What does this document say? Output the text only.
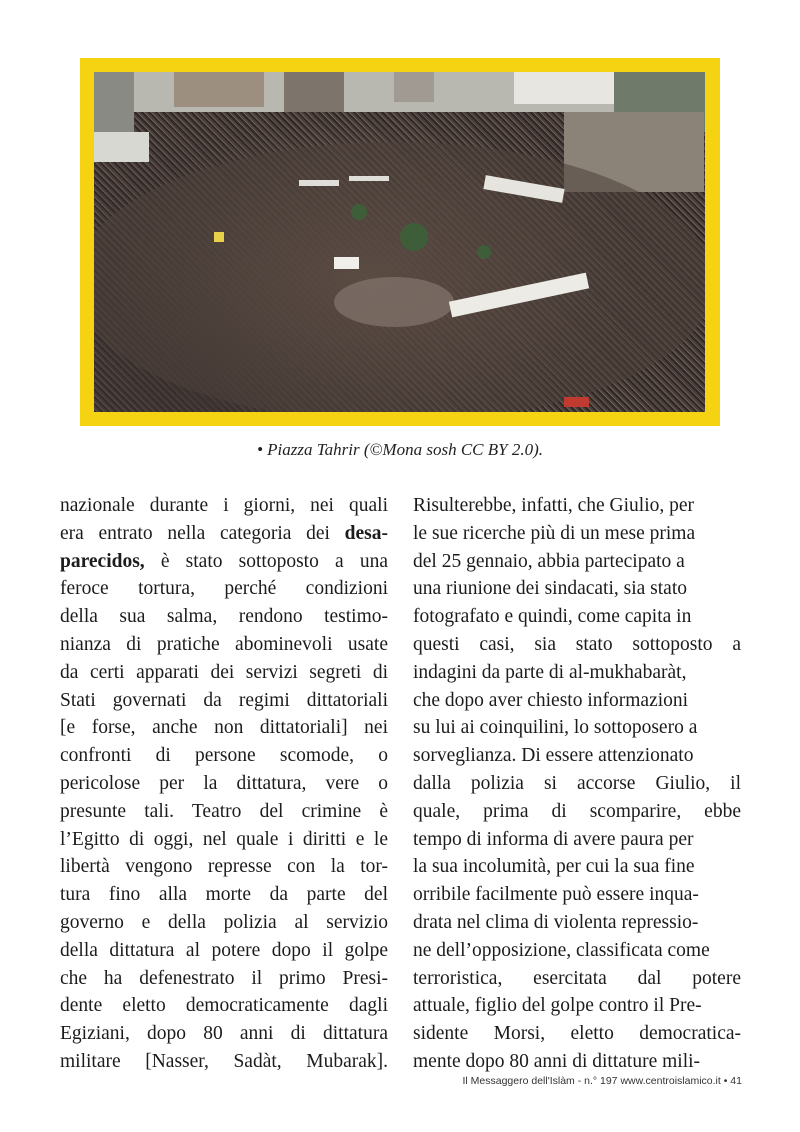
• Piazza Tahrir (©Mona sosh CC BY 2.0).
nazionale durante i giorni, nei quali
era entrato nella categoria dei desa-
parecidos, è stato sottoposto a una
feroce tortura, perché condizioni
della sua salma, rendono testimo-
nianza di pratiche abominevoli usate
da certi apparati dei servizi segreti di
Stati governati da regimi dittatoriali
[e forse, anche non dittatoriali] nei
confronti di persone scomode, o
pericolose per la dittatura, vere o
presunte tali. Teatro del crimine è
l’Egitto di oggi, nel quale i diritti e le
libertà vengono represse con la tor-
tura fino alla morte da parte del
governo e della polizia al servizio
della dittatura al potere dopo il golpe
che ha defenestrato il primo Presi-
dente eletto democraticamente dagli
Egiziani, dopo 80 anni di dittatura
militare [Nasser, Sadàt, Mubarak].
Risulterebbe, infatti, che Giulio, per
le sue ricerche più di un mese prima
del 25 gennaio, abbia partecipato a
una riunione dei sindacati, sia stato
fotografato e quindi, come capita in
questi casi, sia stato sottoposto a
indagini da parte di al-mukhabaràt,
che dopo aver chiesto informazioni
su lui ai coinquilini, lo sottoposero a
sorveglianza. Di essere attenzionato
dalla polizia si accorse Giulio, il
quale, prima di scomparire, ebbe
tempo di informa di avere paura per
la sua incolumità, per cui la sua fine
orribile facilmente può essere inqua-
drata nel clima di violenta repressio-
ne dell’opposizione, classificata come
terroristica, esercitata dal potere
attuale, figlio del golpe contro il Pre-
sidente Morsi, eletto democratica-
mente dopo 80 anni di dittature mili-
Il Messaggero dell'Islàm - n.° 197 www.centroislamico.it • 41
